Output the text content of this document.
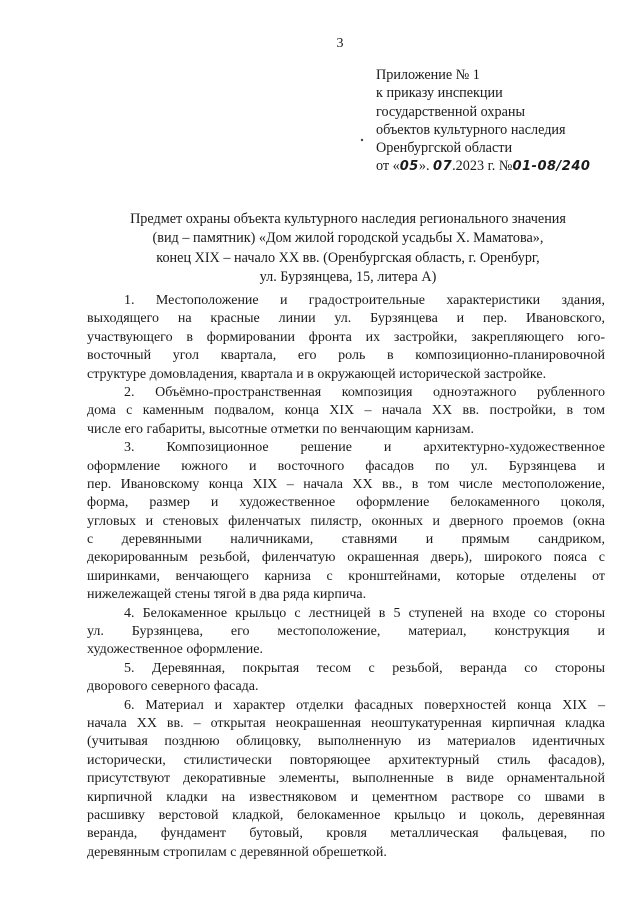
3
Приложение № 1
к приказу инспекции
государственной охраны
объектов культурного наследия
Оренбургской области
от «05». 07.2023 г. №01-08/240
Предмет охраны объекта культурного наследия регионального значения
(вид – памятник) «Дом жилой городской усадьбы Х. Маматова»,
конец XIX – начало XX вв. (Оренбургская область, г. Оренбург,
ул. Бурзянцева, 15, литера А)
1. Местоположение и градостроительные характеристики здания,
выходящего на красные линии ул. Бурзянцева и пер. Ивановского,
участвующего в формировании фронта их застройки, закрепляющего юго-
восточный угол квартала, его роль в композиционно-планировочной
структуре домовладения, квартала и в окружающей исторической застройке.
2. Объёмно-пространственная композиция одноэтажного рубленного
дома с каменным подвалом, конца XIX – начала XX вв. постройки, в том
числе его габариты, высотные отметки по венчающим карнизам.
3. Композиционное решение и архитектурно-художественное
оформление южного и восточного фасадов по ул. Бурзянцева и
пер. Ивановскому конца XIX – начала XX вв., в том числе местоположение,
форма, размер и художественное оформление белокаменного цоколя,
угловых и стеновых филенчатых пилястр, оконных и дверного проемов (окна
с деревянными наличниками, ставнями и прямым сандриком,
декорированным резьбой, филенчатую окрашенная дверь), широкого пояса с
ширинками, венчающего карниза с кронштейнами, которые отделены от
нижележащей стены тягой в два ряда кирпича.
4. Белокаменное крыльцо с лестницей в 5 ступеней на входе со стороны
ул. Бурзянцева, его местоположение, материал, конструкция и
художественное оформление.
5. Деревянная, покрытая тесом с резьбой, веранда со стороны
дворового северного фасада.
6. Материал и характер отделки фасадных поверхностей конца XIX –
начала XX вв. – открытая неокрашенная неоштукатуренная кирпичная кладка
(учитывая позднюю облицовку, выполненную из материалов идентичных
исторически, стилистически повторяющее архитектурный стиль фасадов),
присутствуют декоративные элементы, выполненные в виде орнаментальной
кирпичной кладки на известняковом и цементном растворе со швами в
расшивку верстовой кладкой, белокаменное крыльцо и цоколь, деревянная
веранда, фундамент бутовый, кровля металлическая фальцевая, по
деревянным стропилам с деревянной обрешеткой.
